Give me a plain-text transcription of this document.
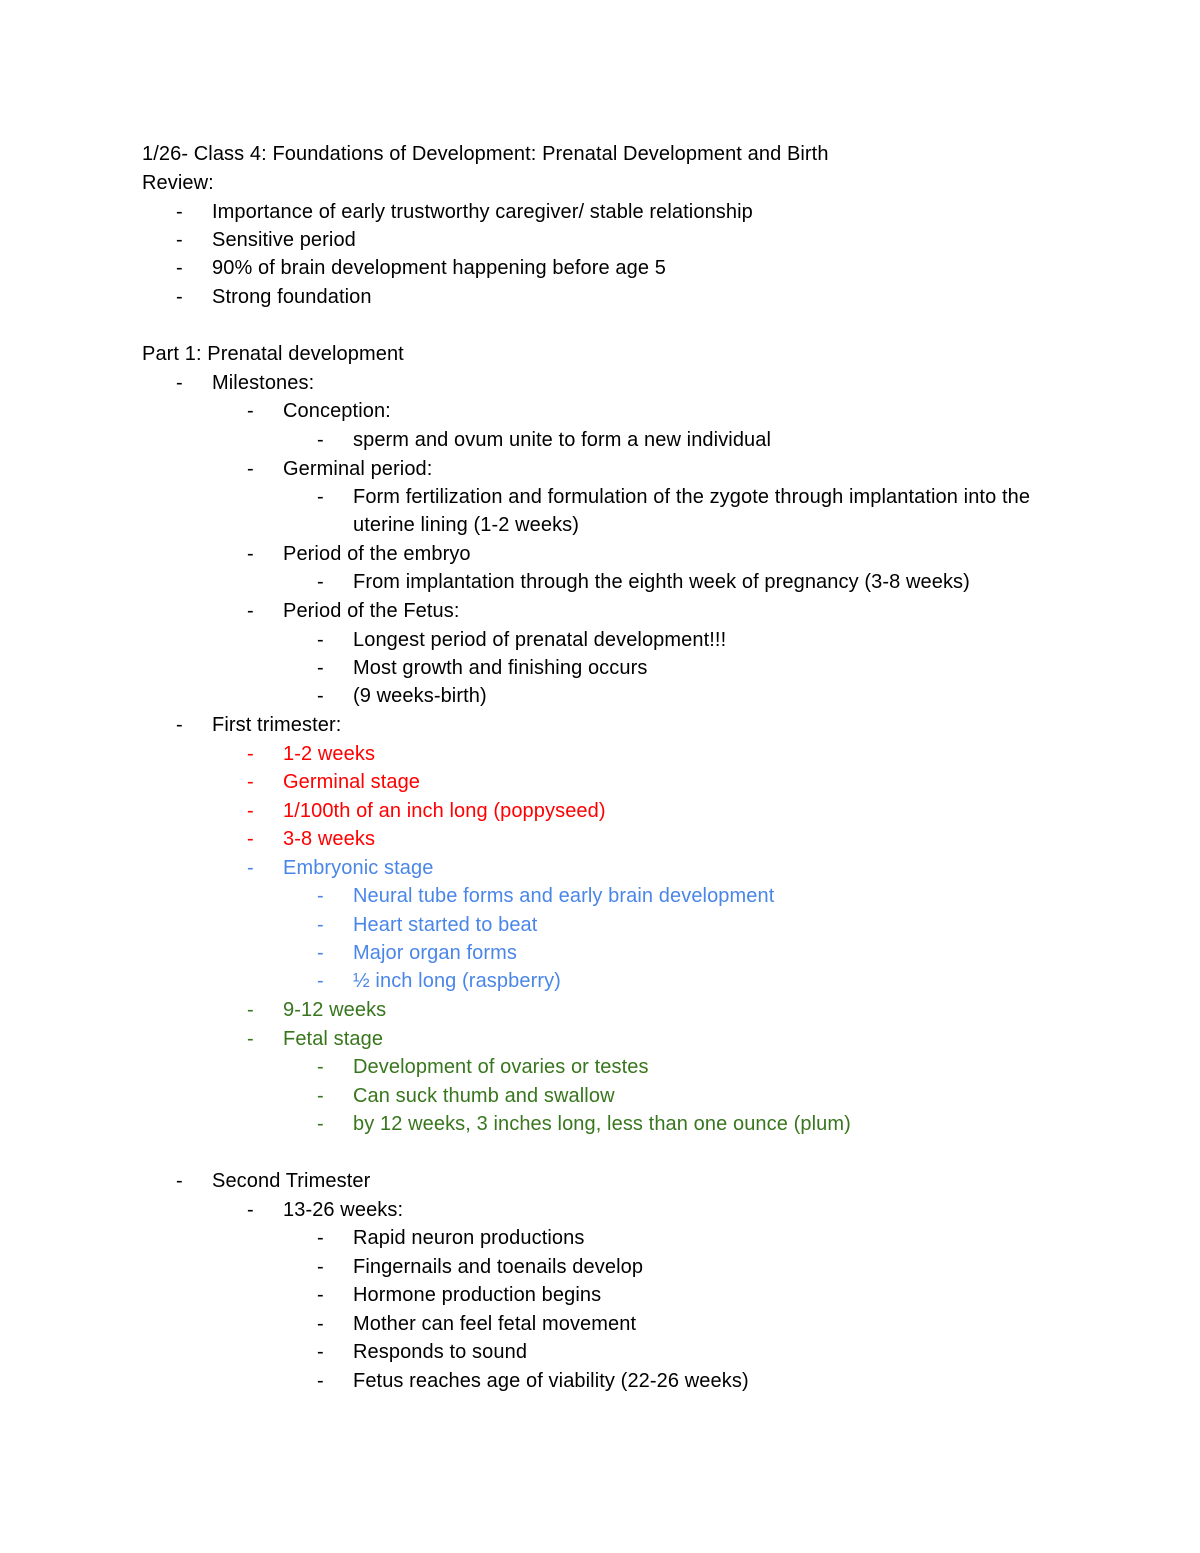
1/26- Class 4: Foundations of Development: Prenatal Development and Birth
Review:
- Importance of early trustworthy caregiver/ stable relationship
- Sensitive period
- 90% of brain development happening before age 5
- Strong foundation
Part 1: Prenatal development
- Milestones:
- Conception:
- sperm and ovum unite to form a new individual
- Germinal period:
- Form fertilization and formulation of the zygote through implantation into the uterine lining (1-2 weeks)
- Period of the embryo
- From implantation through the eighth week of pregnancy (3-8 weeks)
- Period of the Fetus:
- Longest period of prenatal development!!!
- Most growth and finishing occurs
- (9 weeks-birth)
- First trimester:
- 1-2 weeks
- Germinal stage
- 1/100th of an inch long (poppyseed)
- 3-8 weeks
- Embryonic stage
- Neural tube forms and early brain development
- Heart started to beat
- Major organ forms
- ½ inch long (raspberry)
- 9-12 weeks
- Fetal stage
- Development of ovaries or testes
- Can suck thumb and swallow
- by 12 weeks, 3 inches long, less than one ounce (plum)
- Second Trimester
- 13-26 weeks:
- Rapid neuron productions
- Fingernails and toenails develop
- Hormone production begins
- Mother can feel fetal movement
- Responds to sound
- Fetus reaches age of viability (22-26 weeks)
